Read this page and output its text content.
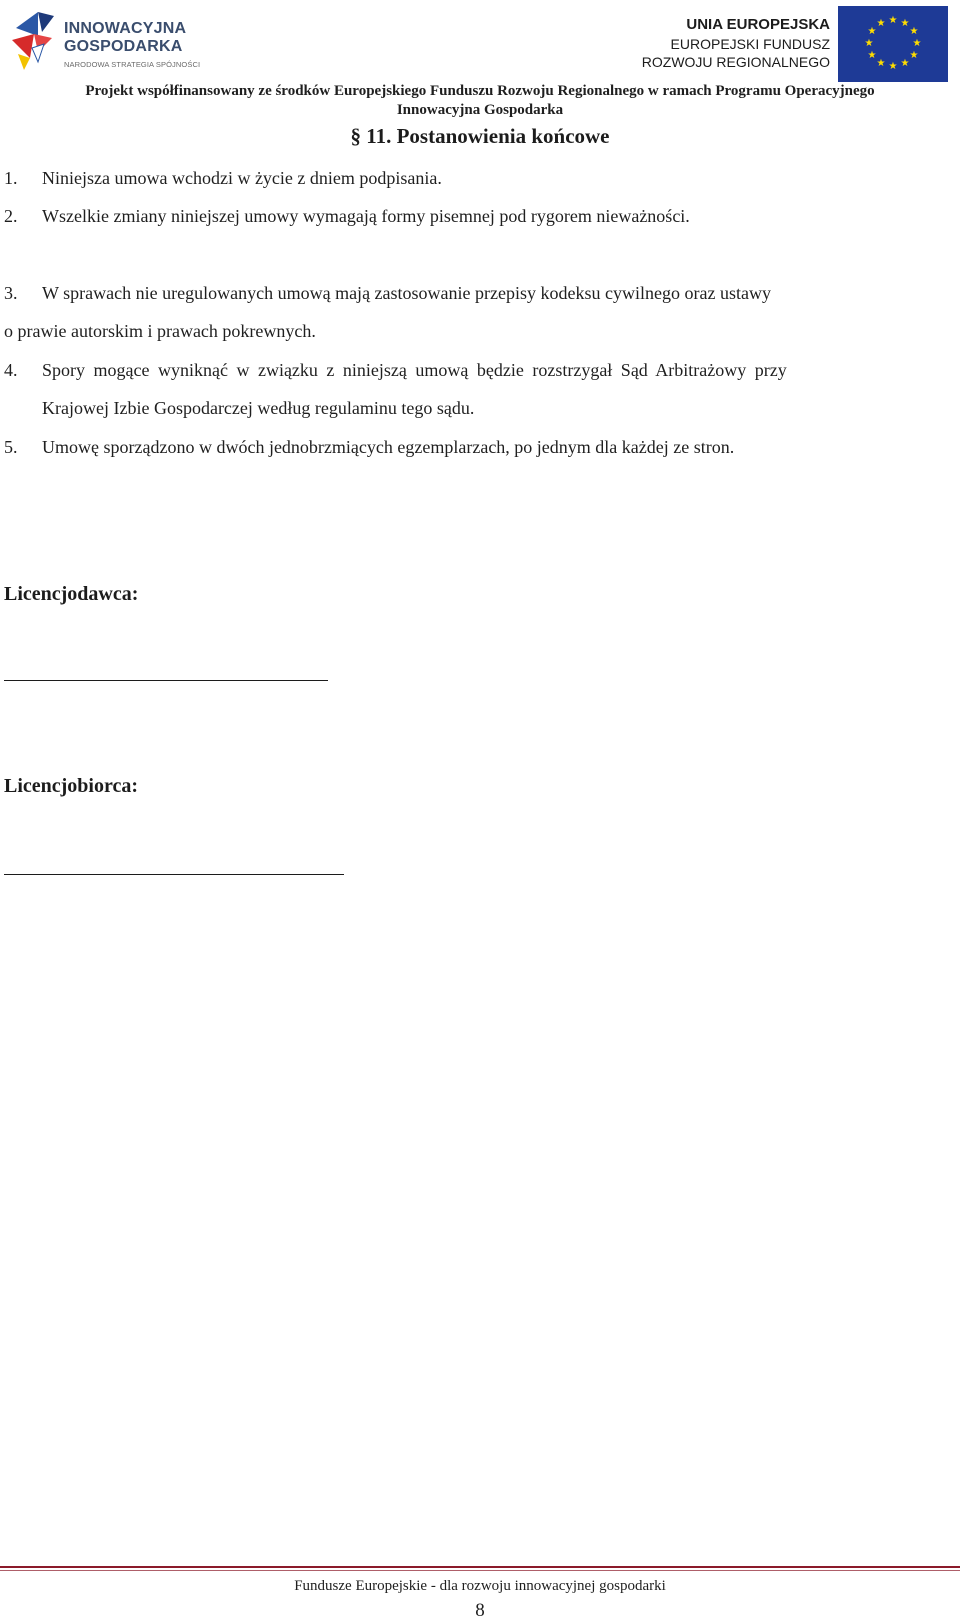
INNOWACYJNA
GOSPODARKA
NARODOWA STRATEGIA SPÓJNOŚCI
UNIA EUROPEJSKA
EUROPEJSKI FUNDUSZ
ROZWOJU REGIONALNEGO
★ ★
★
★
★
★
★
★
★
★
★
★
Projekt współfinansowany ze środków Europejskiego Funduszu Rozwoju Regionalnego w ramach Programu Operacyjnego
Innowacyjna Gospodarka
§ 11. Postanowienia końcowe
1. Niniejsza umowa wchodzi w życie z dniem podpisania.
2. Wszelkie zmiany niniejszej umowy wymagają formy pisemnej pod rygorem nieważności.
3. W sprawach nie uregulowanych umową mają zastosowanie przepisy kodeksu cywilnego oraz ustawy
o prawie autorskim i prawach pokrewnych.
4. Spory mogące wyniknąć w związku z niniejszą umową będzie rozstrzygał Sąd Arbitrażowy przy
Krajowej Izbie Gospodarczej według regulaminu tego sądu.
5. Umowę sporządzono w dwóch jednobrzmiących egzemplarzach, po jednym dla każdej ze stron.
Licencjodawca:
Licencjobiorca:
Fundusze Europejskie - dla rozwoju innowacyjnej gospodarki
8
